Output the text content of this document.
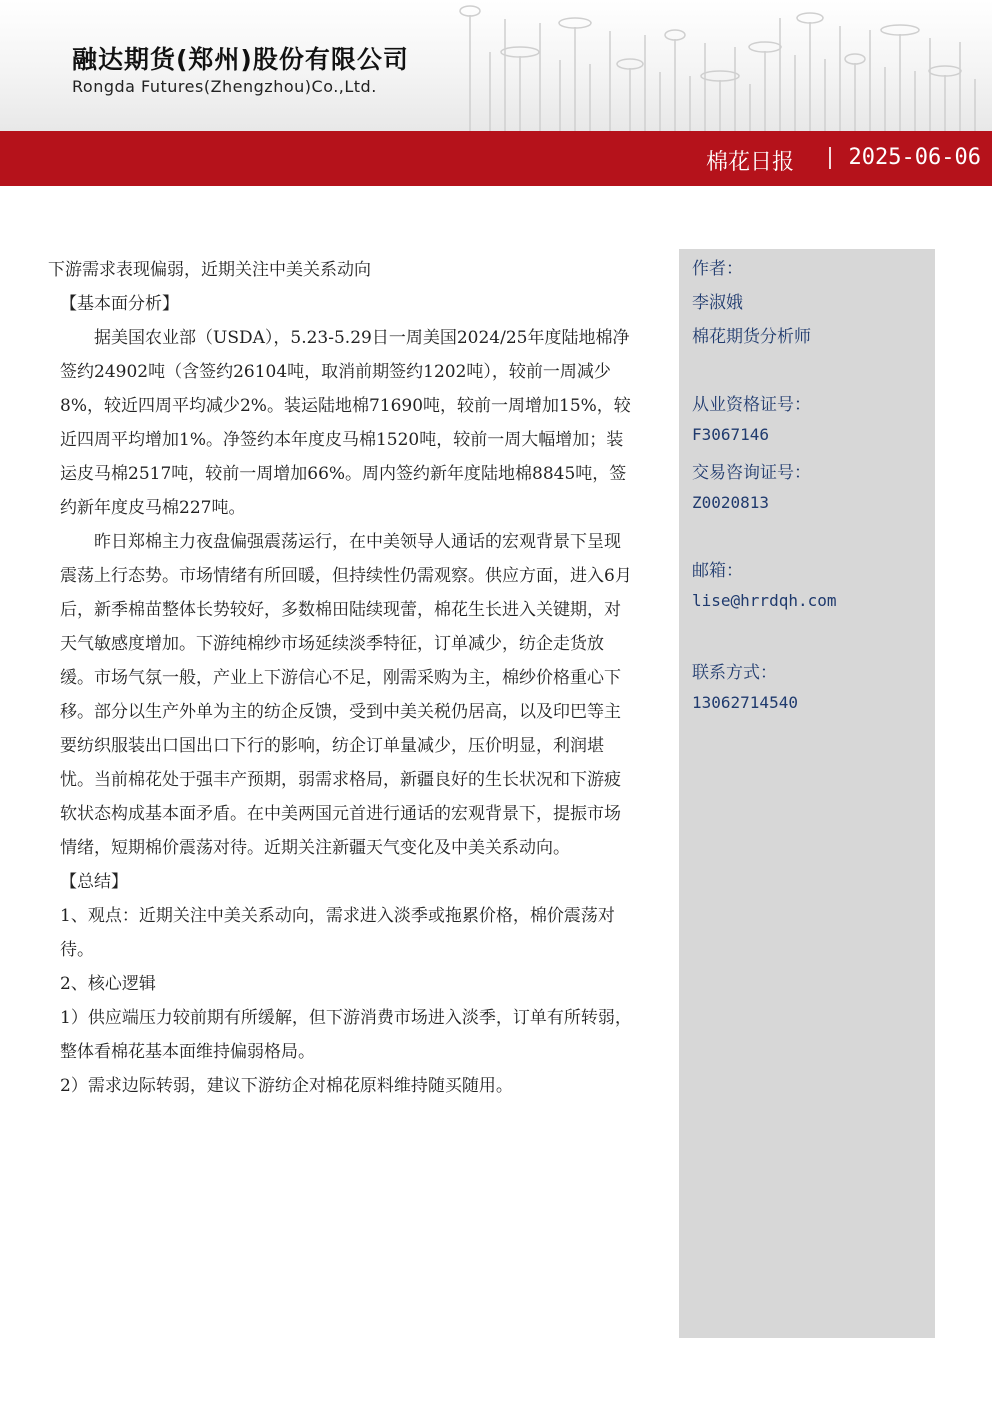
融达期货(郑州)股份有限公司
Rongda Futures(Zhengzhou)Co.,Ltd.
棉花日报 2025-06-06

下游需求表现偏弱，近期关注中美关系动向

【基本面分析】

据美国农业部（USDA），5.23-5.29日一周美国2024/25年度陆地棉净签约24902吨（含签约26104吨，取消前期签约1202吨），较前一周减少8%，较近四周平均减少2%。装运陆地棉71690吨，较前一周增加15%，较近四周平均增加1%。净签约本年度皮马棉1520吨，较前一周大幅增加；装运皮马棉2517吨，较前一周增加66%。周内签约新年度陆地棉8845吨，签约新年度皮马棉227吨。

昨日郑棉主力夜盘偏强震荡运行，在中美领导人通话的宏观背景下呈现震荡上行态势。市场情绪有所回暖，但持续性仍需观察。供应方面，进入6月后，新季棉苗整体长势较好，多数棉田陆续现蕾，棉花生长进入关键期，对天气敏感度增加。下游纯棉纱市场延续淡季特征，订单减少，纺企走货放缓。市场气氛一般，产业上下游信心不足，刚需采购为主，棉纱价格重心下移。部分以生产外单为主的纺企反馈，受到中美关税仍居高，以及印巴等主要纺织服装出口国出口下行的影响，纺企订单量减少，压价明显，利润堪忧。当前棉花处于强丰产预期，弱需求格局，新疆良好的生长状况和下游疲软状态构成基本面矛盾。在中美两国元首进行通话的宏观背景下，提振市场情绪，短期棉价震荡对待。近期关注新疆天气变化及中美关系动向。

【总结】

1、观点：近期关注中美关系动向，需求进入淡季或拖累价格，棉价震荡对待。

2、核心逻辑

1）供应端压力较前期有所缓解，但下游消费市场进入淡季，订单有所转弱，整体看棉花基本面维持偏弱格局。

2）需求边际转弱，建议下游纺企对棉花原料维持随买随用。

作者：
李淑娥
棉花期货分析师
从业资格证号：
F3067146
交易咨询证号：
Z0020813
邮箱：
lise@hrrdqh.com
联系方式：
13062714540
